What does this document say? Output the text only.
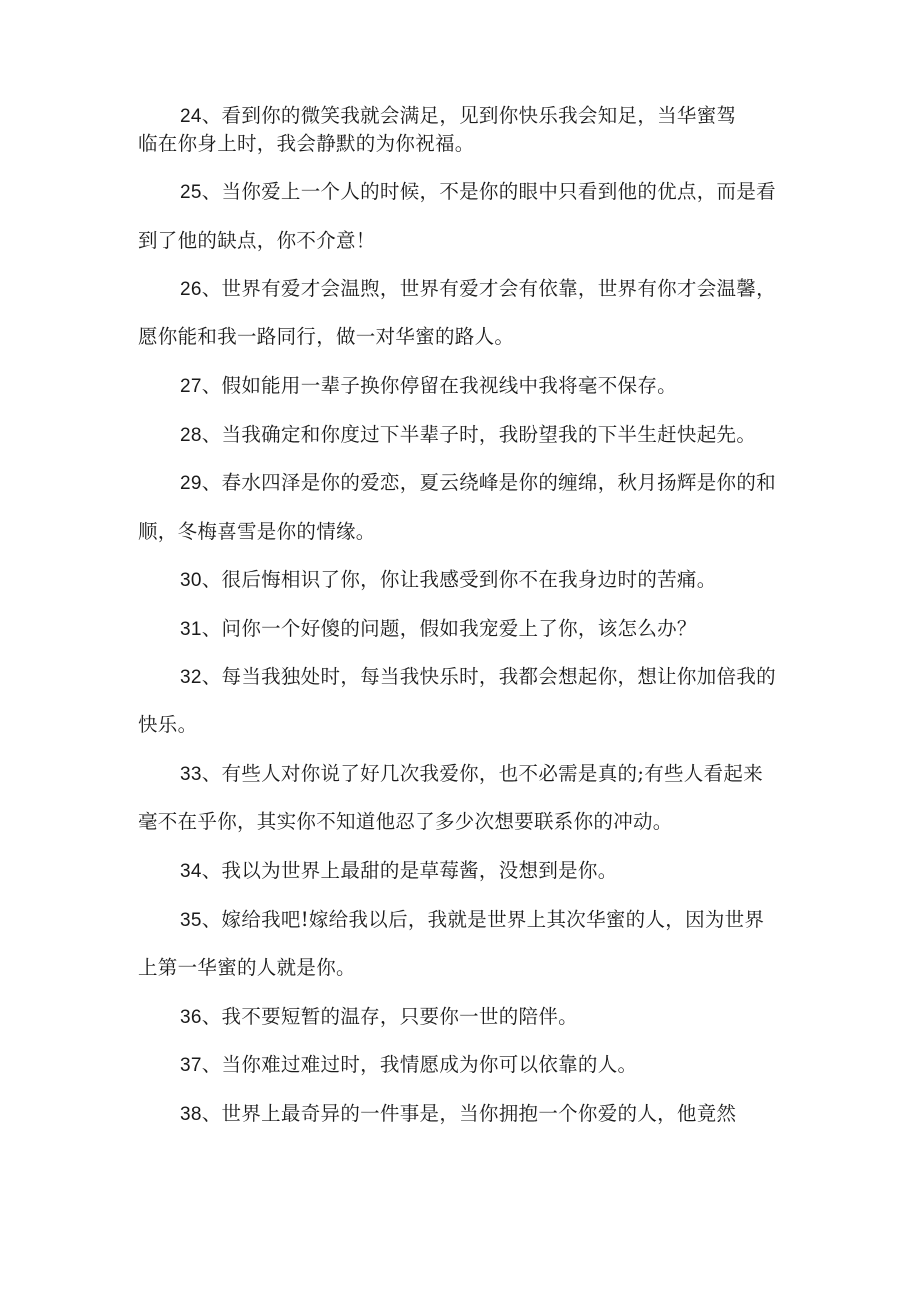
24、看到你的微笑我就会满足，见到你快乐我会知足，当华蜜驾
临在你身上时，我会静默的为你祝福。
25、当你爱上一个人的时候，不是你的眼中只看到他的优点，而是看
到了他的缺点，你不介意！
26、世界有爱才会温煦，世界有爱才会有依靠，世界有你才会温馨，
愿你能和我一路同行，做一对华蜜的路人。
27、假如能用一辈子换你停留在我视线中我将毫不保存。
28、当我确定和你度过下半辈子时，我盼望我的下半生赶快起先。
29、春水四泽是你的爱恋，夏云绕峰是你的缠绵，秋月扬辉是你的和
顺，冬梅喜雪是你的情缘。
30、很后悔相识了你，你让我感受到你不在我身边时的苦痛。
31、问你一个好傻的问题，假如我宠爱上了你，该怎么办？
32、每当我独处时，每当我快乐时，我都会想起你，想让你加倍我的
快乐。
33、有些人对你说了好几次我爱你，也不必需是真的;有些人看起来
毫不在乎你，其实你不知道他忍了多少次想要联系你的冲动。
34、我以为世界上最甜的是草莓酱，没想到是你。
35、嫁给我吧!嫁给我以后，我就是世界上其次华蜜的人，因为世界
上第一华蜜的人就是你。
36、我不要短暂的温存，只要你一世的陪伴。
37、当你难过难过时，我情愿成为你可以依靠的人。
38、世界上最奇异的一件事是，当你拥抱一个你爱的人，他竟然
